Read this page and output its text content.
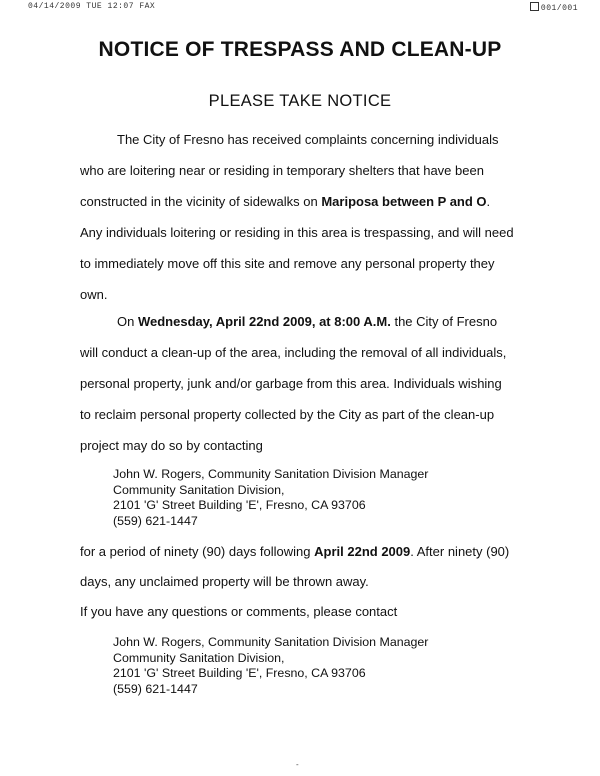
04/14/2009 TUE 12:07 FAX	001/001
NOTICE OF TRESPASS AND CLEAN-UP
PLEASE TAKE NOTICE
The City of Fresno has received complaints concerning individuals
who are loitering near or residing in temporary shelters that have been
constructed in the vicinity of sidewalks on Mariposa between P and O.
Any individuals loitering or residing in this area is trespassing, and will need
to immediately move off this site and remove any personal property they
own.
On Wednesday, April 22nd 2009, at 8:00 A.M. the City of Fresno
will conduct a clean-up of the area, including the removal of all individuals,
personal property, junk and/or garbage from this area. Individuals wishing
to reclaim personal property collected by the City as part of the clean-up
project may do so by contacting
John W. Rogers, Community Sanitation Division Manager
Community Sanitation Division,
2101 'G' Street Building 'E', Fresno, CA 93706
(559) 621-1447
for a period of ninety (90) days following April 22nd 2009. After ninety (90)
days, any unclaimed property will be thrown away.
If you have any questions or comments, please contact
John W. Rogers, Community Sanitation Division Manager
Community Sanitation Division,
2101 'G' Street Building 'E', Fresno, CA 93706
(559) 621-1447
-
